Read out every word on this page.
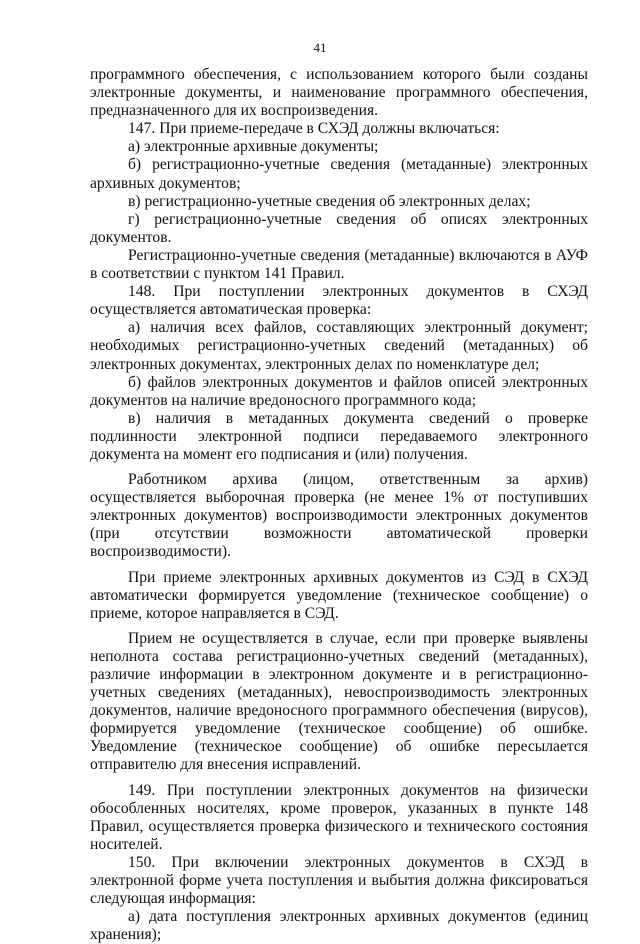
41

программного обеспечения, с использованием которого были созданы электронные документы, и наименование программного обеспечения, предназначенного для их воспроизведения.

147. При приеме-передаче в СХЭД должны включаться:

а) электронные архивные документы;

б) регистрационно-учетные сведения (метаданные) электронных архивных документов;

в) регистрационно-учетные сведения об электронных делах;

г) регистрационно-учетные сведения об описях электронных документов.

Регистрационно-учетные сведения (метаданные) включаются в АУФ в соответствии с пунктом 141 Правил.

148. При поступлении электронных документов в СХЭД осуществляется автоматическая проверка:

а) наличия всех файлов, составляющих электронный документ; необходимых регистрационно-учетных сведений (метаданных) об электронных документах, электронных делах по номенклатуре дел;

б) файлов электронных документов и файлов описей электронных документов на наличие вредоносного программного кода;

в) наличия в метаданных документа сведений о проверке подлинности электронной подписи передаваемого электронного документа на момент его подписания и (или) получения.

Работником архива (лицом, ответственным за архив) осуществляется выборочная проверка (не менее 1% от поступивших электронных документов) воспроизводимости электронных документов (при отсутствии возможности автоматической проверки воспроизводимости).

При приеме электронных архивных документов из СЭД в СХЭД автоматически формируется уведомление (техническое сообщение) о приеме, которое направляется в СЭД.

Прием не осуществляется в случае, если при проверке выявлены неполнота состава регистрационно-учетных сведений (метаданных), различие информации в электронном документе и в регистрационно-учетных сведениях (метаданных), невоспроизводимость электронных документов, наличие вредоносного программного обеспечения (вирусов), формируется уведомление (техническое сообщение) об ошибке. Уведомление (техническое сообщение) об ошибке пересылается отправителю для внесения исправлений.

149. При поступлении электронных документов на физически обособленных носителях, кроме проверок, указанных в пункте 148 Правил, осуществляется проверка физического и технического состояния носителей.

150. При включении электронных документов в СХЭД в электронной форме учета поступления и выбытия должна фиксироваться следующая информация:

а) дата поступления электронных архивных документов (единиц хранения);
